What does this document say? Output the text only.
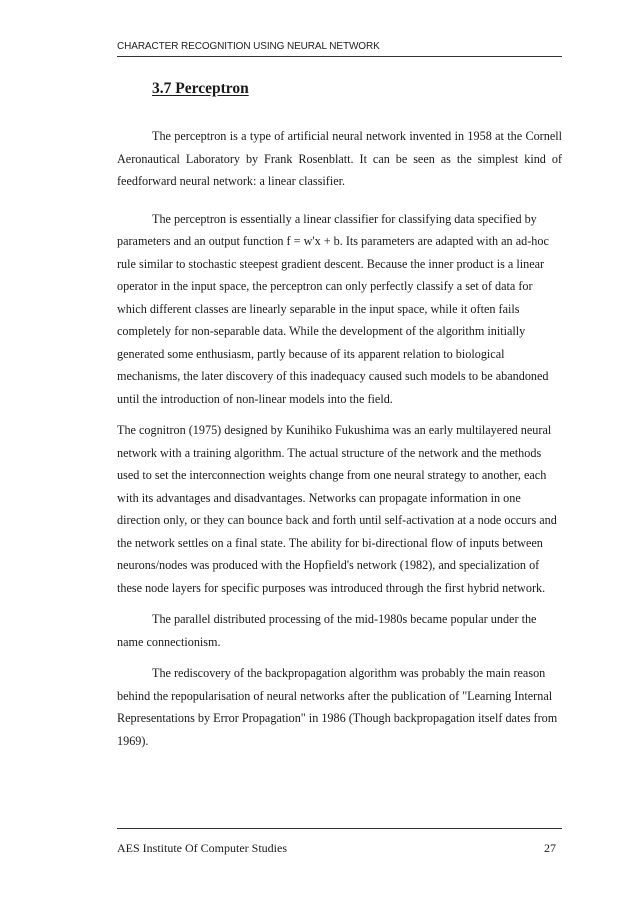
CHARACTER RECOGNITION USING NEURAL NETWORK
3.7 Perceptron

The perceptron is a type of artificial neural network invented in 1958 at the Cornell Aeronautical Laboratory by Frank Rosenblatt. It can be seen as the simplest kind of feedforward neural network: a linear classifier.

The perceptron is essentially a linear classifier for classifying data specified by parameters and an output function f = w'x + b. Its parameters are adapted with an ad-hoc rule similar to stochastic steepest gradient descent. Because the inner product is a linear operator in the input space, the perceptron can only perfectly classify a set of data for which different classes are linearly separable in the input space, while it often fails completely for non-separable data. While the development of the algorithm initially generated some enthusiasm, partly because of its apparent relation to biological mechanisms, the later discovery of this inadequacy caused such models to be abandoned until the introduction of non-linear models into the field.

The cognitron (1975) designed by Kunihiko Fukushima was an early multilayered neural network with a training algorithm. The actual structure of the network and the methods used to set the interconnection weights change from one neural strategy to another, each with its advantages and disadvantages. Networks can propagate information in one direction only, or they can bounce back and forth until self-activation at a node occurs and the network settles on a final state. The ability for bi-directional flow of inputs between neurons/nodes was produced with the Hopfield's network (1982), and specialization of these node layers for specific purposes was introduced through the first hybrid network.

The parallel distributed processing of the mid-1980s became popular under the name connectionism.

The rediscovery of the backpropagation algorithm was probably the main reason behind the repopularisation of neural networks after the publication of "Learning Internal Representations by Error Propagation" in 1986 (Though backpropagation itself dates from 1969).

AES Institute Of Computer Studies	27
